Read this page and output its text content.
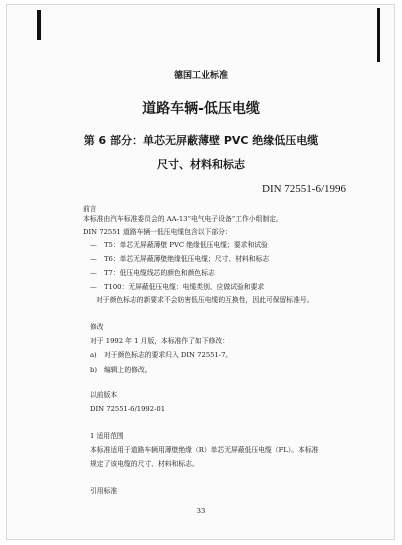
德国工业标准
道路车辆-低压电缆
第 6 部分：单芯无屏蔽薄壁 PVC 绝缘低压电缆
尺寸、材料和标志
DIN 72551-6/1996
前言
本标准由汽车标准委员会的 AA-13“电气电子设备”工作小组制定。
DIN 72551 道路车辆一低压电缆包含以下部分：
— T5：单芯无屏蔽薄壁 PVC 绝缘低压电缆；要求和试验
— T6：单芯无屏蔽薄壁绝缘低压电缆；尺寸、材料和标志
— T7：低压电缆线芯的颜色和颜色标志
— T100：无屏蔽低压电缆：电缆类别、应做试验和要求
对于颜色标志的新要求不会妨害低压电缆的互换性，因此可保留标准号。
修改
对于 1992 年 1 月版，本标准作了如下修改：
a) 对于颜色标志的要求归入 DIN 72551-7。
b) 编辑上的修改。
以前版本
DIN 72551-6/1992-01
1 适用范围
本标准适用于道路车辆用薄壁绝缘（R）单芯无屏蔽低压电缆（FL）。本标准
规定了该电缆的尺寸、材料和标志。
引用标准
33
